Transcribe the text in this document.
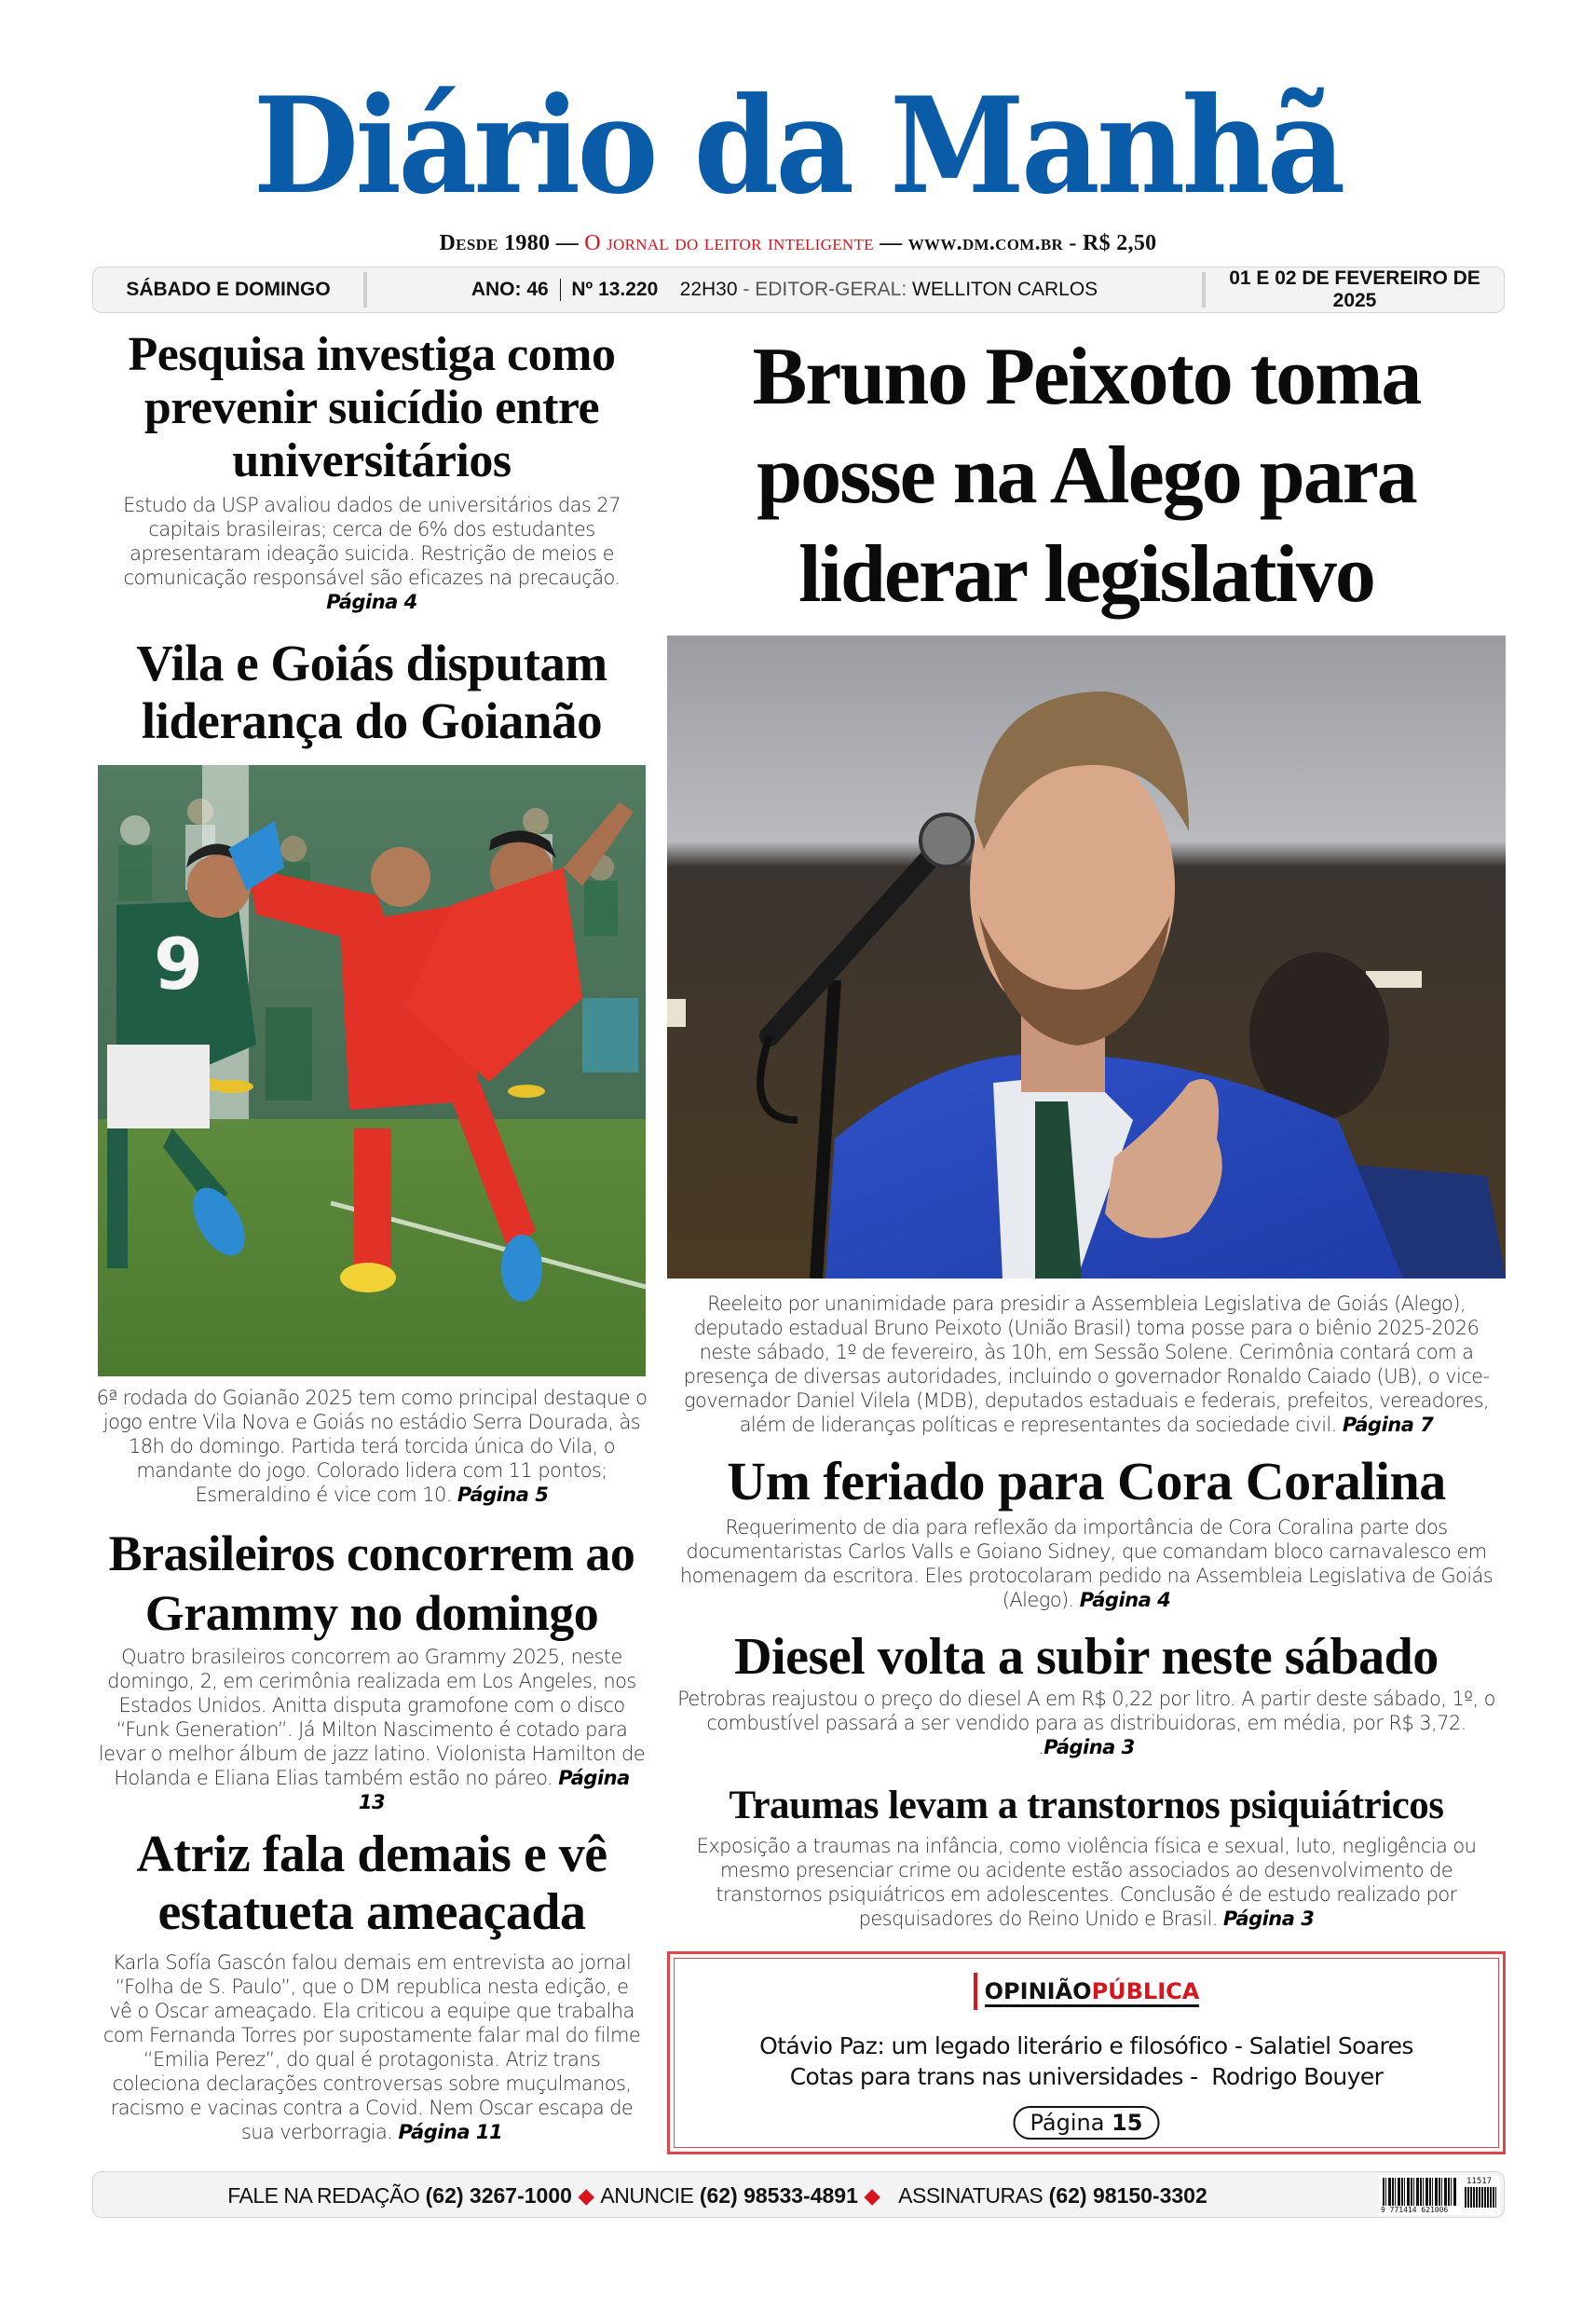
Diário da Manhã
Desde 1980 — O jornal do leitor inteligente — www.dm.com.br - R$ 2,50
SÁBADO E DOMINGO	ANO: 46 Nº 13.220 22H30 - EDITOR-GERAL: WELLITON CARLOS
01 E 02 DE FEVEREIRO DE 2025
Pesquisa investiga como prevenir suicídio entre universitários

Estudo da USP avaliou dados de universitários das 27 capitais brasileiras; cerca de 6% dos estudantes apresentaram ideação suicida. Restrição de meios e comunicação responsável são eficazes na precaução.
Página 4

Vila e Goiás disputam liderança do Goianão
9

6ª rodada do Goianão 2025 tem como principal destaque o jogo entre Vila Nova e Goiás no estádio Serra Dourada, às 18h do domingo. Partida terá torcida única do Vila, o mandante do jogo. Colorado lidera com 11 pontos; Esmeraldino é vice com 10. Página 5

Brasileiros concorrem ao Grammy no domingo

Quatro brasileiros concorrem ao Grammy 2025, neste domingo, 2, em cerimônia realizada em Los Angeles, nos Estados Unidos. Anitta disputa gramofone com o disco “Funk Generation”. Já Milton Nascimento é cotado para levar o melhor álbum de jazz latino. Violonista Hamilton de Holanda e Eliana Elias também estão no páreo. Página 13

Atriz fala demais e vê estatueta ameaçada

Karla Sofía Gascón falou demais em entrevista ao jornal “Folha de S. Paulo”, que o DM republica nesta edição, e vê o Oscar ameaçado. Ela criticou a equipe que trabalha com Fernanda Torres por supostamente falar mal do filme “Emilia Perez”, do qual é protagonista. Atriz trans coleciona declarações controversas sobre muçulmanos, racismo e vacinas contra a Covid. Nem Oscar escapa de sua verborragia. Página 11

Bruno Peixoto toma posse na Alego para liderar legislativo

Reeleito por unanimidade para presidir a Assembleia Legislativa de Goiás (Alego), deputado estadual Bruno Peixoto (União Brasil) toma posse para o biênio 2025-2026 neste sábado, 1º de fevereiro, às 10h, em Sessão Solene. Cerimônia contará com a presença de diversas autoridades, incluindo o governador Ronaldo Caiado (UB), o vice-governador Daniel Vilela (MDB), deputados estaduais e federais, prefeitos, vereadores, além de lideranças políticas e representantes da sociedade civil. Página 7

Um feriado para Cora Coralina

Requerimento de dia para reflexão da importância de Cora Coralina parte dos documentaristas Carlos Valls e Goiano Sidney, que comandam bloco carnavalesco em homenagem da escritora. Eles protocolaram pedido na Assembleia Legislativa de Goiás (Alego). Página 4

Diesel volta a subir neste sábado

Petrobras reajustou o preço do diesel A em R$ 0,22 por litro. A partir deste sábado, 1º, o combustível passará a ser vendido para as distribuidoras, em média, por R$ 3,72. .Página 3

Traumas levam a transtornos psiquiátricos

Exposição a traumas na infância, como violência física e sexual, luto, negligência ou mesmo presenciar crime ou acidente estão associados ao desenvolvimento de transtornos psiquiátricos em adolescentes. Conclusão é de estudo realizado por pesquisadores do Reino Unido e Brasil. Página 3

OPINIÃOPÚBLICA
Otávio Paz: um legado literário e filosófico - Salatiel Soares
Cotas para trans nas universidades -  Rodrigo Bouyer
Página 15
FALE NA REDAÇÃO (62) 3267-1000 ◆ ANUNCIE (62) 98533-4891 ◆ ASSINATURAS (62) 98150-3302
11517
9 771414 621006
